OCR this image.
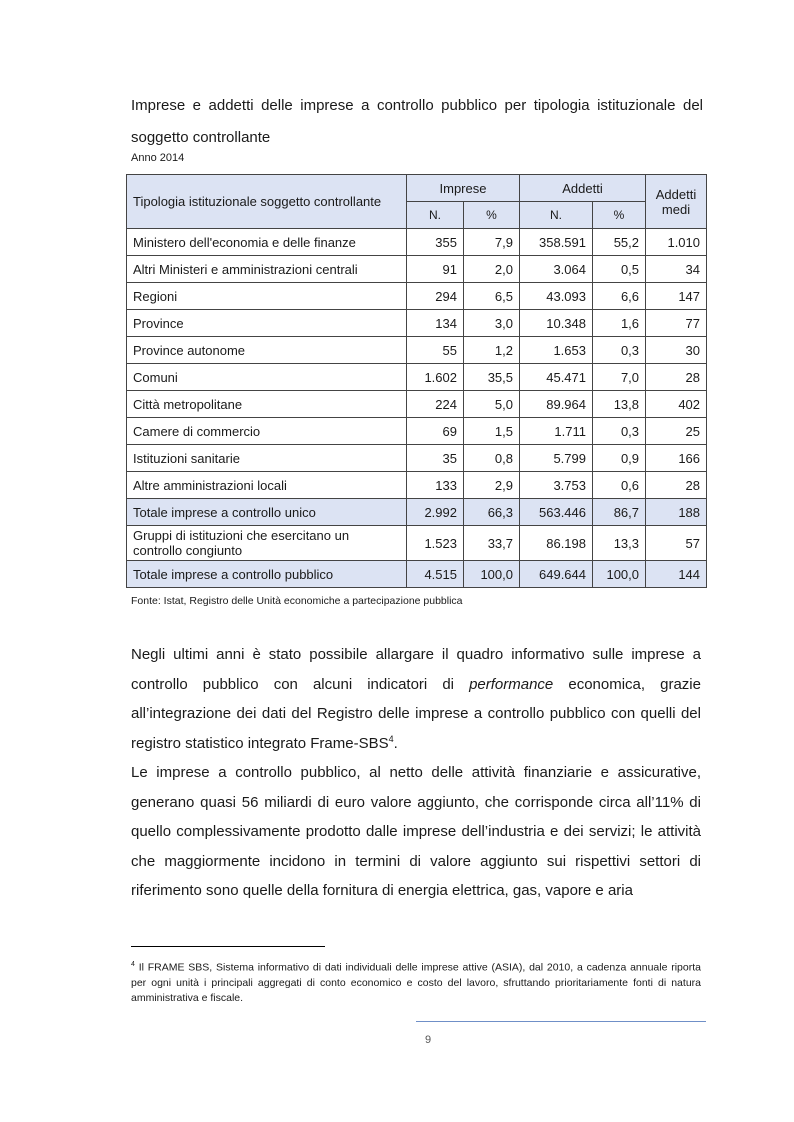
Imprese e addetti delle imprese a controllo pubblico per tipologia istituzionale del soggetto controllante
Anno 2014
Tipologia istituzionale soggetto controllante	Imprese		Addetti		Addetti medi
	N.	%	N.	%	
Ministero dell'economia e delle finanze	355	7,9	358.591	55,2	1.010
Altri Ministeri e amministrazioni centrali	91	2,0	3.064	0,5	34
Regioni	294	6,5	43.093	6,6	147
Province	134	3,0	10.348	1,6	77
Province autonome	55	1,2	1.653	0,3	30
Comuni	1.602	35,5	45.471	7,0	28
Città metropolitane	224	5,0	89.964	13,8	402
Camere di commercio	69	1,5	1.711	0,3	25
Istituzioni sanitarie	35	0,8	5.799	0,9	166
Altre amministrazioni locali	133	2,9	3.753	0,6	28
Totale imprese a controllo unico	2.992	66,3	563.446	86,7	188
Gruppi di istituzioni che esercitano un controllo congiunto	1.523	33,7	86.198	13,3	57
Totale imprese a controllo pubblico	4.515	100,0	649.644	100,0	144
Fonte: Istat, Registro delle Unità economiche a partecipazione pubblica

Negli ultimi anni è stato possibile allargare il quadro informativo sulle imprese a controllo pubblico con alcuni indicatori di performance economica, grazie all’integrazione dei dati del Registro delle imprese a controllo pubblico con quelli del registro statistico integrato Frame-SBS$^4$.

Le imprese a controllo pubblico, al netto delle attività finanziarie e assicurative, generano quasi 56 miliardi di euro valore aggiunto, che corrisponde circa all’11% di quello complessivamente prodotto dalle imprese dell’industria e dei servizi; le attività che maggiormente incidono in termini di valore aggiunto sui rispettivi settori di riferimento sono quelle della fornitura di energia elettrica, gas, vapore e aria

$^4$ Il FRAME SBS, Sistema informativo di dati individuali delle imprese attive (ASIA), dal 2010, a cadenza annuale riporta per ogni unità i principali aggregati di conto economico e costo del lavoro, sfruttando prioritariamente fonti di natura amministrativa e fiscale.
9
